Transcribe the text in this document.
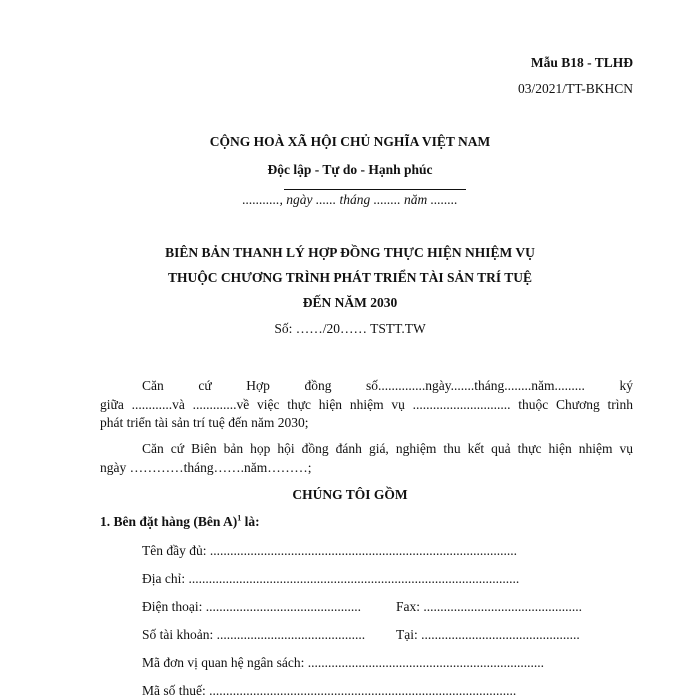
Mẫu B18 - TLHĐ
03/2021/TT-BKHCN
CỘNG HOÀ XÃ HỘI CHỦ NGHĨA VIỆT NAM
Độc lập - Tự do - Hạnh phúc
..........., ngày ...... tháng ........ năm ........
BIÊN BẢN THANH LÝ HỢP ĐỒNG THỰC HIỆN NHIỆM VỤ
THUỘC CHƯƠNG TRÌNH PHÁT TRIỂN TÀI SẢN TRÍ TUỆ
ĐẾN NĂM 2030
Số: ……/20…… TSTT.TW
Căn cứ Hợp đồng số..............ngày.......tháng........năm......... ký
giữa ............và .............về việc thực hiện nhiệm vụ ............................. thuộc Chương trình
phát triển tài sản trí tuệ đến năm 2030;
Căn cứ Biên bản họp hội đồng đánh giá, nghiệm thu kết quả thực hiện nhiệm vụ
ngày …………tháng…….năm………;
CHÚNG TÔI GỒM
1. Bên đặt hàng (Bên A)$^1$ là:
Tên đầy đủ: ...........................................................................................
Địa chỉ: ..................................................................................................
Điện thoại: ..............................................	Fax: ...............................................
Số tài khoản: ............................................ Tại: ...............................................
Mã đơn vị quan hệ ngân sách: ......................................................................
Mã số thuế: ...........................................................................................
